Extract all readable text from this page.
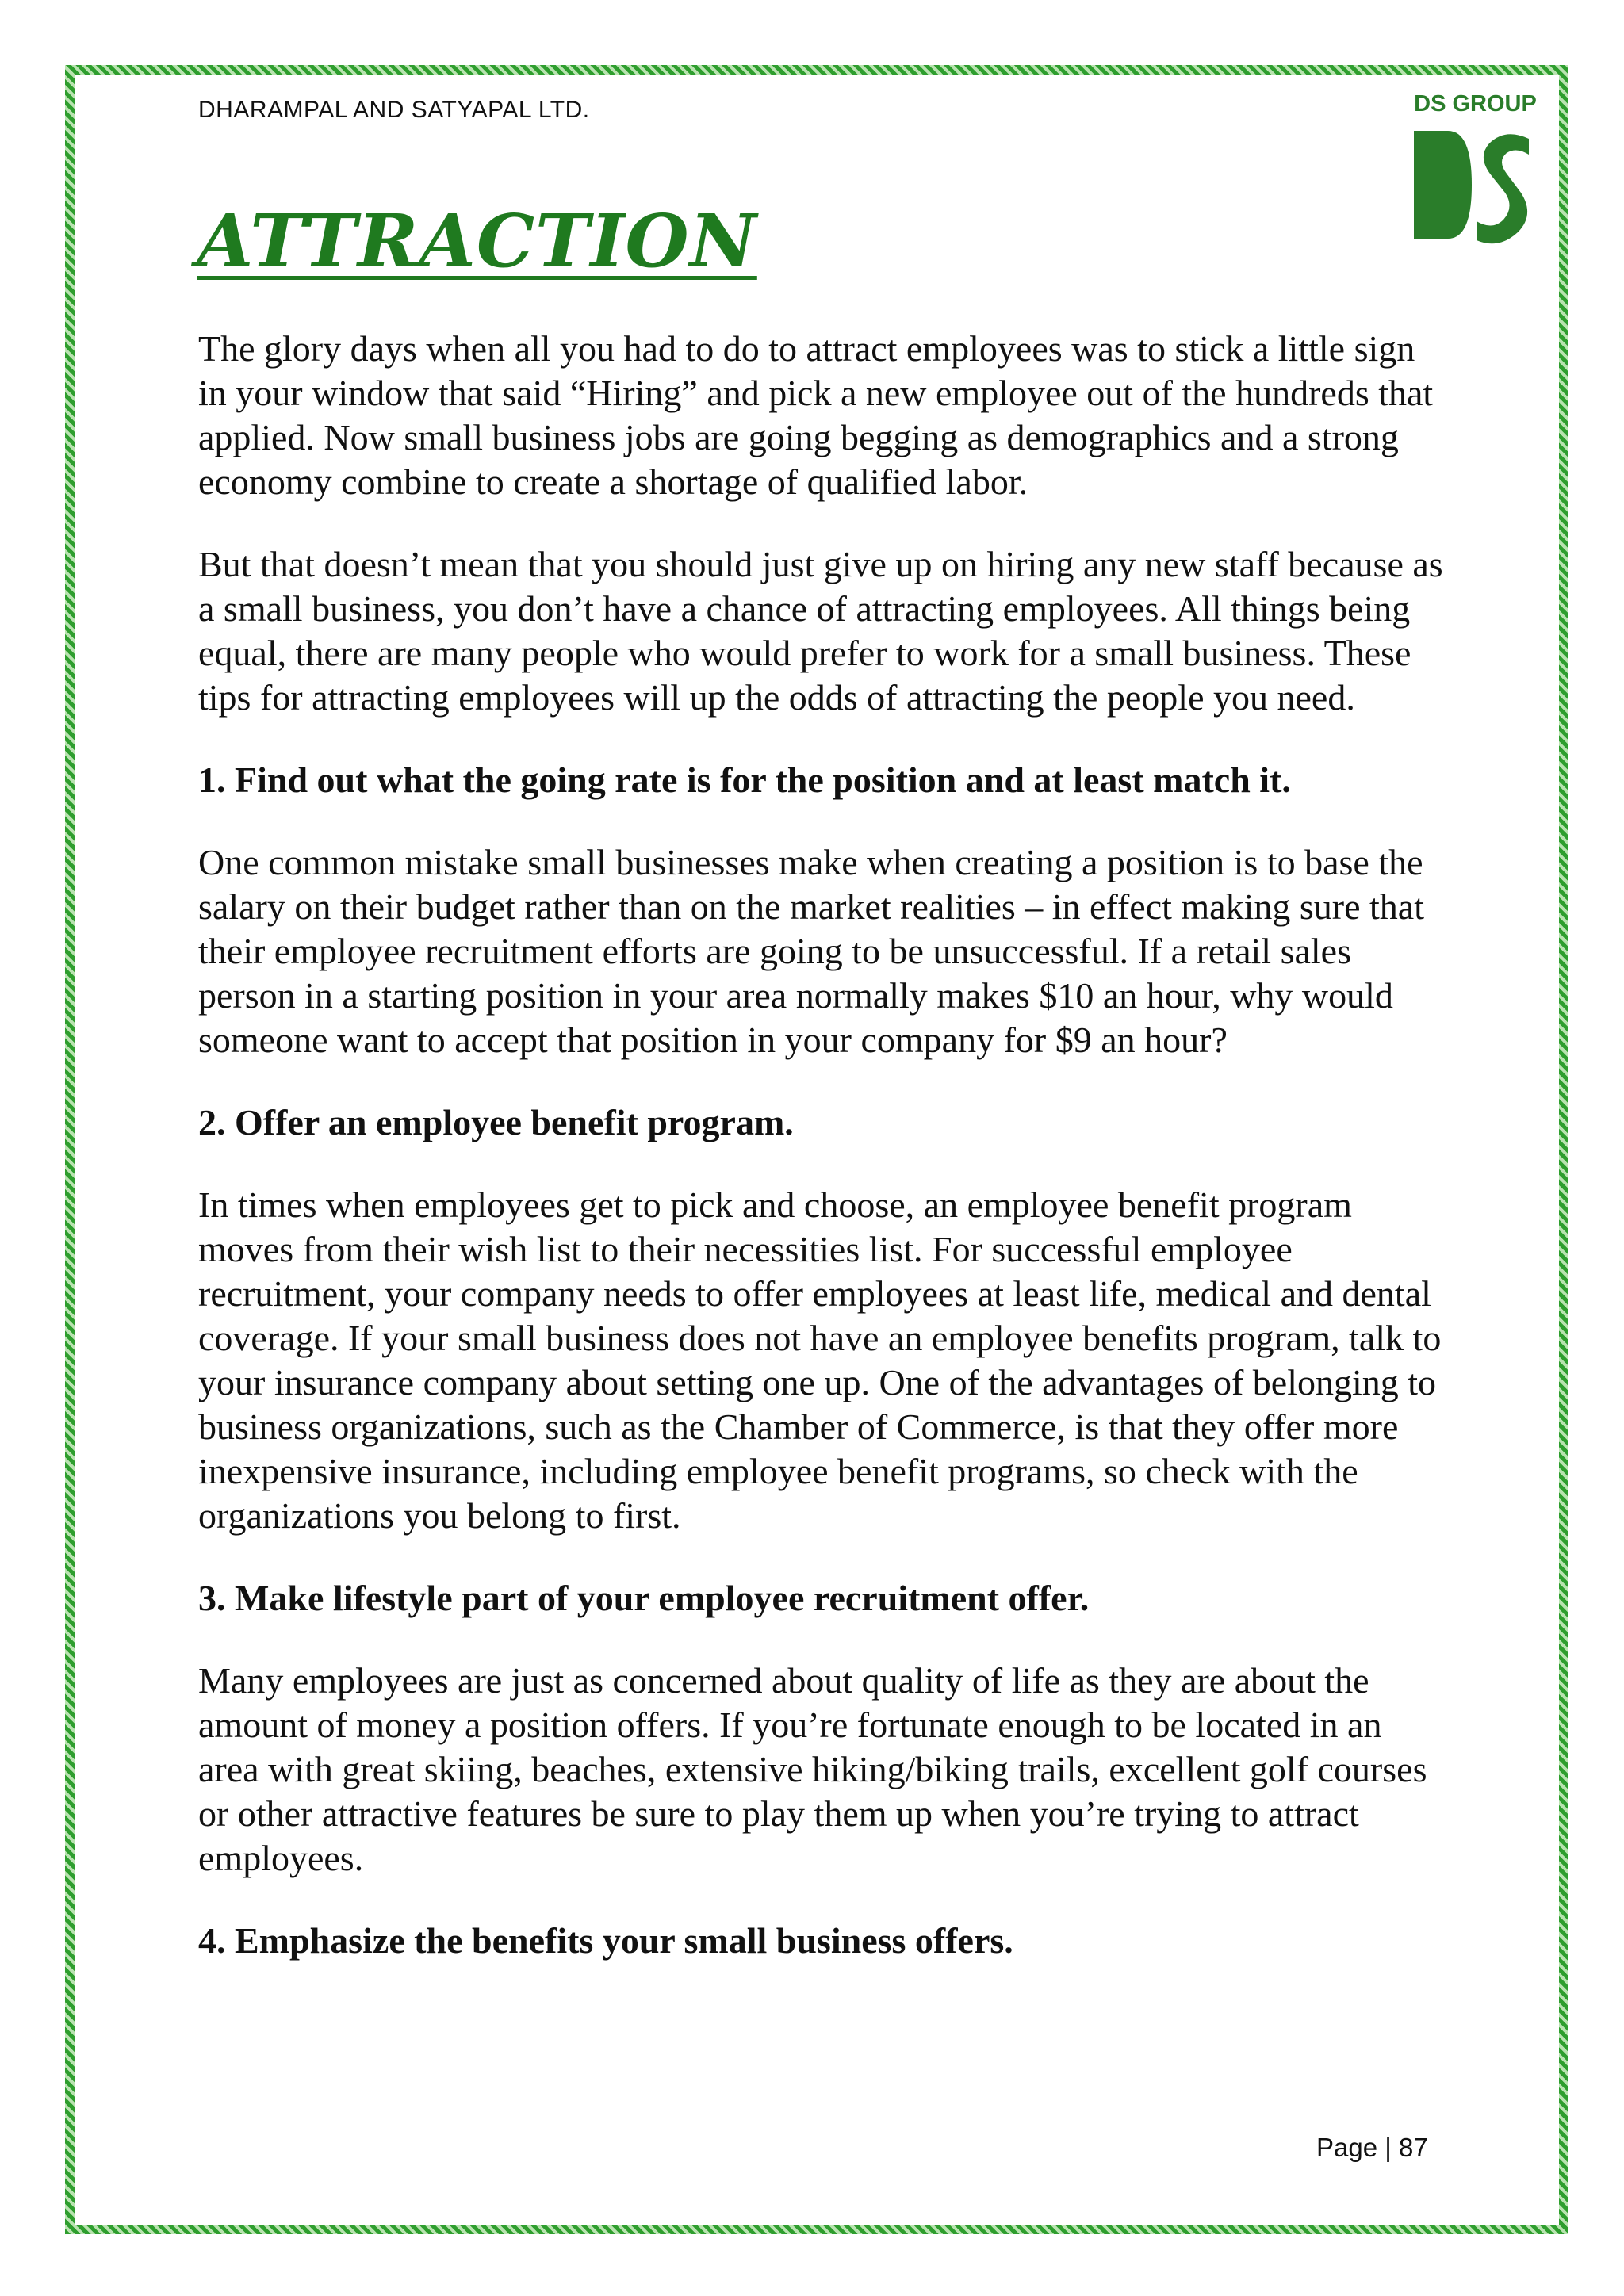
DHARAMPAL AND SATYAPAL LTD.	DS GROUP
ATTRACTION

The glory days when all you had to do to attract employees was to stick a little sign in your window that said “Hiring” and pick a new employee out of the hundreds that applied. Now small business jobs are going begging as demographics and a strong economy combine to create a shortage of qualified labor.

But that doesn’t mean that you should just give up on hiring any new staff because as a small business, you don’t have a chance of attracting employees. All things being equal, there are many people who would prefer to work for a small business. These tips for attracting employees will up the odds of attracting the people you need.

1. Find out what the going rate is for the position and at least match it.

One common mistake small businesses make when creating a position is to base the salary on their budget rather than on the market realities – in effect making sure that their employee recruitment efforts are going to be unsuccessful. If a retail sales person in a starting position in your area normally makes $10 an hour, why would someone want to accept that position in your company for $9 an hour?

2. Offer an employee benefit program.

In times when employees get to pick and choose, an employee benefit program moves from their wish list to their necessities list. For successful employee recruitment, your company needs to offer employees at least life, medical and dental coverage. If your small business does not have an employee benefits program, talk to your insurance company about setting one up. One of the advantages of belonging to business organizations, such as the Chamber of Commerce, is that they offer more inexpensive insurance, including employee benefit programs, so check with the organizations you belong to first.

3. Make lifestyle part of your employee recruitment offer.

Many employees are just as concerned about quality of life as they are about the amount of money a position offers. If you’re fortunate enough to be located in an area with great skiing, beaches, extensive hiking/biking trails, excellent golf courses or other attractive features be sure to play them up when you’re trying to attract employees.

4. Emphasize the benefits your small business offers.

Page | 87
